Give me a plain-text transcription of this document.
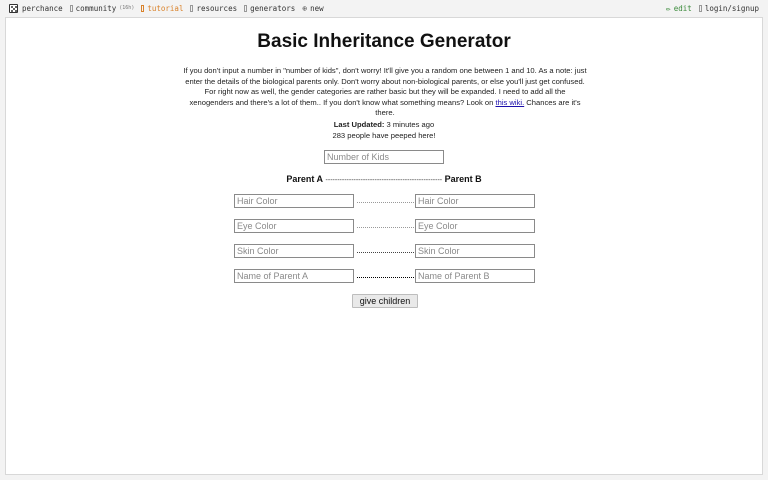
perchance community (16h) tutorial resources generators ⊕ new	✏ edit login/signup
Basic Inheritance Generator
If you don't input a number in "number of kids", don't worry! It'll give you a random one between 1 and 10. As a note: just enter the details of the biological parents only. Don't worry about non-biological parents, or else you'll just get confused. For right now as well, the gender categories are rather basic but they will be expanded. I need to add all the xenogenders and there's a lot of them.. If you don't know what something means? Look on this wiki. Chances are it's there.
Last Updated: 3 minutes ago
283 people have peeped here!
Number of Kids
Parent A -------------------------------------------------- Parent B
Hair Color
Hair Color
Eye Color
Eye Color
Skin Color
Skin Color
Name of Parent A
Name of Parent B
give children
